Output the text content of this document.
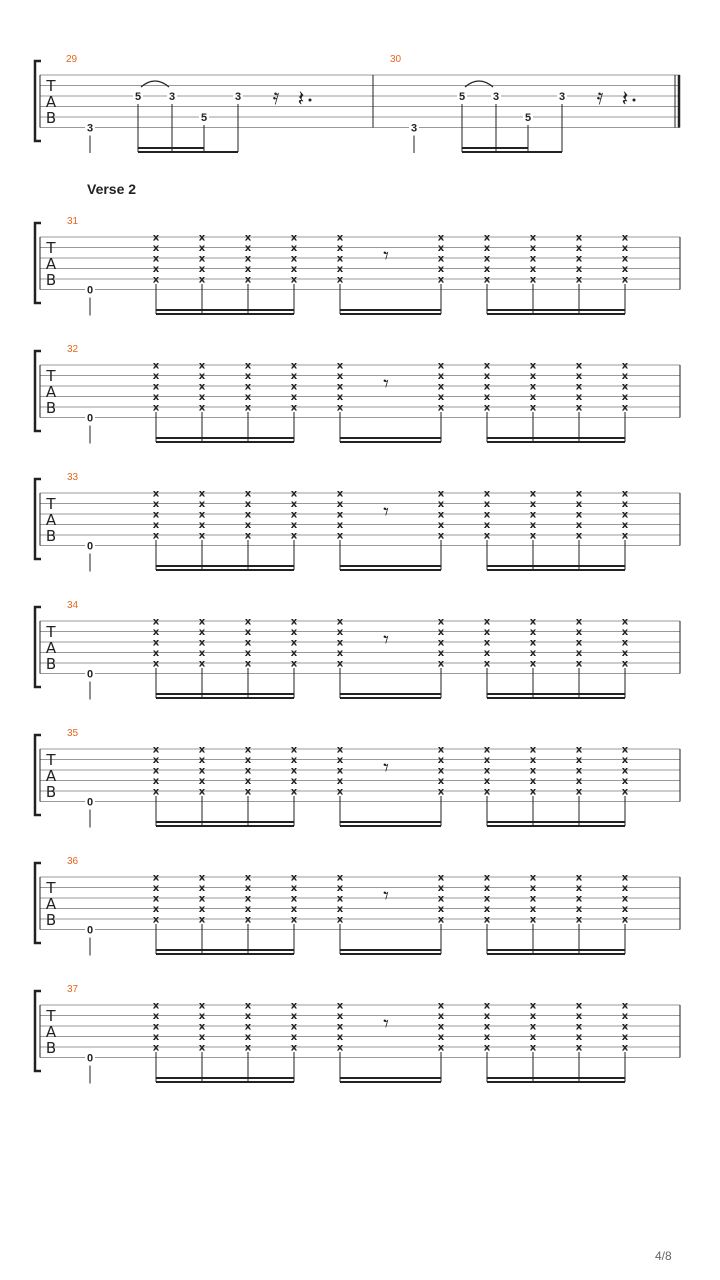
T
A
B
29
3
5	3
5
3 𝄿 𝄽
30
3
5	3
5
3 𝄿 𝄽
T
A
B
31
0
x
x
x
x
x
x
x
x
x
x
x
x
x
x
x
x
x
x
x
x
x
x
x
x
x
x
x
x
x
x
x
x
x
x
x
x
x
x
x
x
x
x
x
x
x
x
x
x
x
x
𝄾
T
A
B
32
0
x
x
x
x
x
x
x
x
x
x
x
x
x
x
x
x
x
x
x
x
x
x
x
x
x
x
x
x
x
x
x
x
x
x
x
x
x
x
x
x
x
x
x
x
x
x
x
x
x
x
𝄾
T
A
B
33
0
x
x
x
x
x
x
x
x
x
x
x
x
x
x
x
x
x
x
x
x
x
x
x
x
x
x
x
x
x
x
x
x
x
x
x
x
x
x
x
x
x
x
x
x
x
x
x
x
x
x
𝄾
T
A
B
34
0
x
x
x
x
x
x
x
x
x
x
x
x
x
x
x
x
x
x
x
x
x
x
x
x
x
x
x
x
x
x
x
x
x
x
x
x
x
x
x
x
x
x
x
x
x
x
x
x
x
x
𝄾
T
A
B
35
0
x
x
x
x
x
x
x
x
x
x
x
x
x
x
x
x
x
x
x
x
x
x
x
x
x
x
x
x
x
x
x
x
x
x
x
x
x
x
x
x
x
x
x
x
x
x
x
x
x
x
𝄾
T
A
B
36
0
x
x
x
x
x
x
x
x
x
x
x
x
x
x
x
x
x
x
x
x
x
x
x
x
x
x
x
x
x
x
x
x
x
x
x
x
x
x
x
x
x
x
x
x
x
x
x
x
x
x
𝄾
T
A
B
37
0
x
x
x
x
x
x
x
x
x
x
x
x
x
x
x
x
x
x
x
x
x
x
x
x
x
x
x
x
x
x
x
x
x
x
x
x
x
x
x
x
x
x
x
x
x
x
x
x
x
x
𝄾
Verse 2
4/8
